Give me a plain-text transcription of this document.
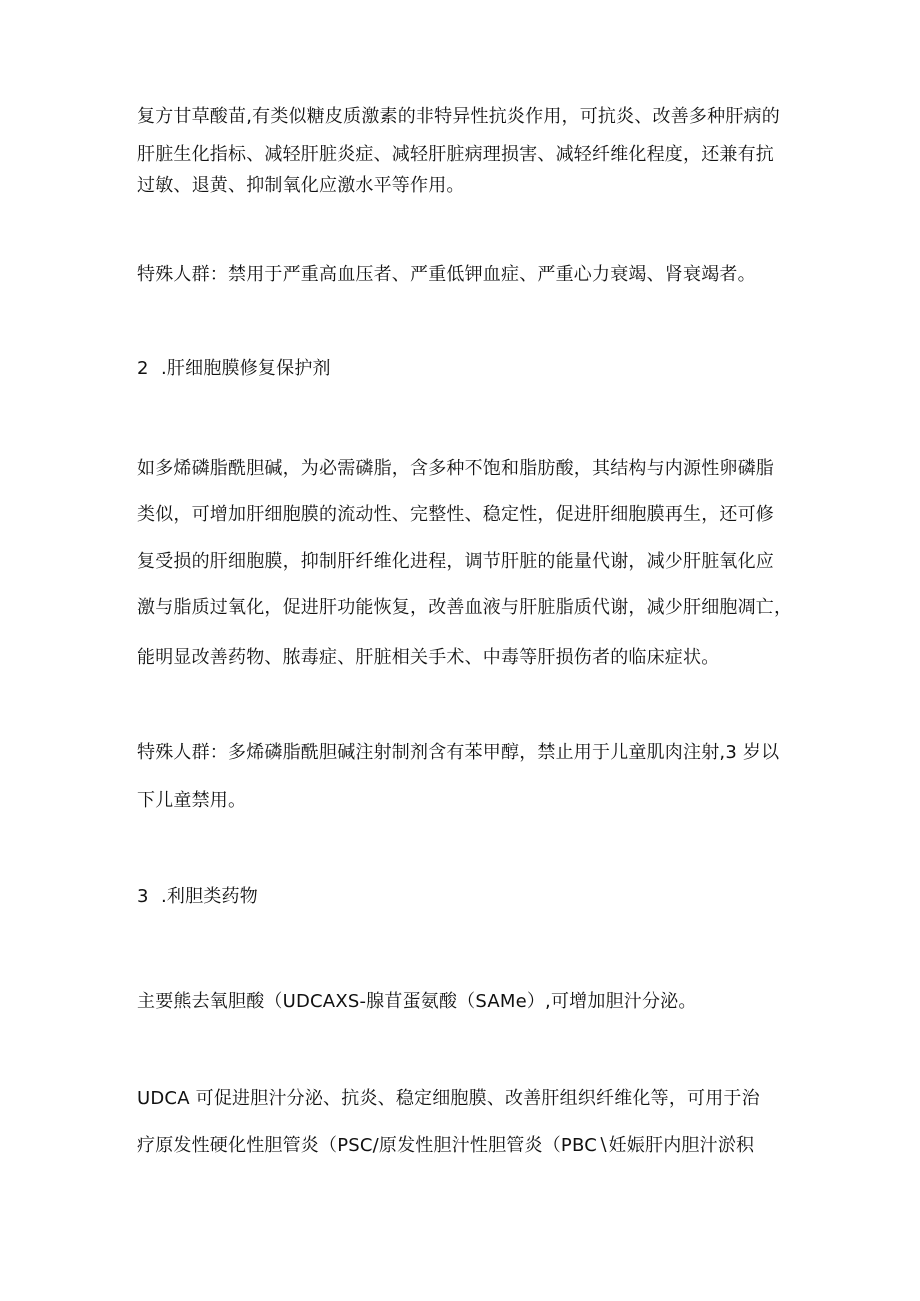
复方甘草酸苗,有类似糖皮质激素的非特异性抗炎作用，可抗炎、改善多种肝病的
肝脏生化指标、减轻肝脏炎症、减轻肝脏病理损害、减轻纤维化程度，还兼有抗
过敏、退黄、抑制氧化应激水平等作用。
特殊人群：禁用于严重高血压者、严重低钾血症、严重心力衰竭、肾衰竭者。
2 .肝细胞膜修复保护剂
如多烯磷脂酰胆碱，为必需磷脂，含多种不饱和脂肪酸，其结构与内源性卵磷脂
类似，可增加肝细胞膜的流动性、完整性、稳定性，促进肝细胞膜再生，还可修
复受损的肝细胞膜，抑制肝纤维化进程，调节肝脏的能量代谢，减少肝脏氧化应
激与脂质过氧化，促进肝功能恢复，改善血液与肝脏脂质代谢，减少肝细胞凋亡，
能明显改善药物、脓毒症、肝脏相关手术、中毒等肝损伤者的临床症状。
特殊人群：多烯磷脂酰胆碱注射制剂含有苯甲醇，禁止用于儿童肌肉注射,3 岁以
下儿童禁用。
3 .利胆类药物
主要熊去氧胆酸（UDCAXS-腺苜蛋氨酸（SAMe）,可增加胆汁分泌。
UDCA 可促进胆汁分泌、抗炎、稳定细胞膜、改善肝组织纤维化等，可用于治
疗原发性硬化性胆管炎（PSC/原发性胆汁性胆管炎（PBC∖妊娠肝内胆汁淤积
